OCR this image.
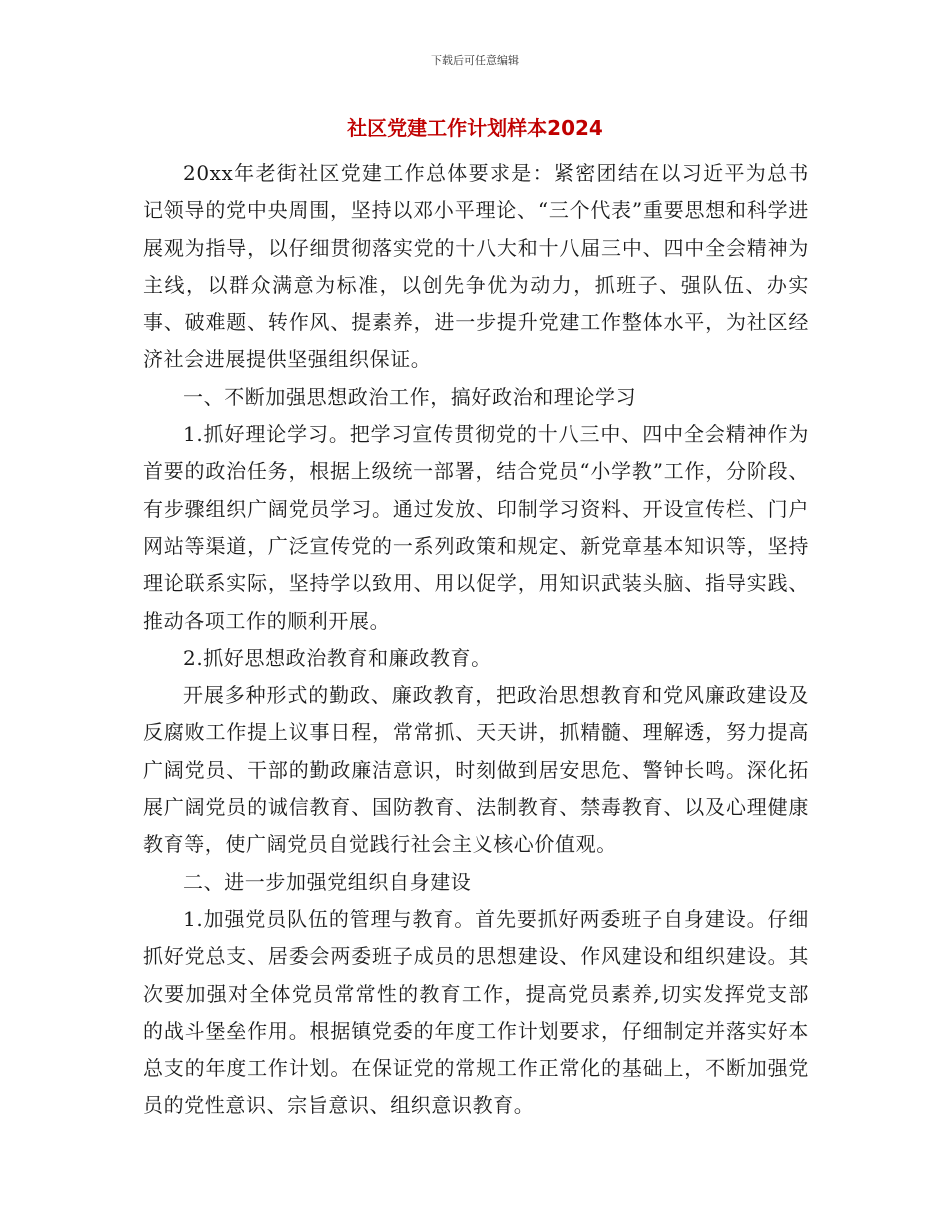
下载后可任意编辑
社区党建工作计划样本2024

20xx年老街社区党建工作总体要求是：紧密团结在以习近平为总书记领导的党中央周围，坚持以邓小平理论、“三个代表”重要思想和科学进展观为指导，以仔细贯彻落实党的十八大和十八届三中、四中全会精神为主线，以群众满意为标准，以创先争优为动力，抓班子、强队伍、办实事、破难题、转作风、提素养，进一步提升党建工作整体水平，为社区经济社会进展提供坚强组织保证。

一、不断加强思想政治工作，搞好政治和理论学习

1.抓好理论学习。把学习宣传贯彻党的十八三中、四中全会精神作为首要的政治任务，根据上级统一部署，结合党员“小学教”工作，分阶段、有步骤组织广阔党员学习。通过发放、印制学习资料、开设宣传栏、门户网站等渠道，广泛宣传党的一系列政策和规定、新党章基本知识等，坚持理论联系实际，坚持学以致用、用以促学，用知识武装头脑、指导实践、推动各项工作的顺利开展。

2.抓好思想政治教育和廉政教育。

开展多种形式的勤政、廉政教育，把政治思想教育和党风廉政建设及反腐败工作提上议事日程，常常抓、天天讲，抓精髓、理解透，努力提高广阔党员、干部的勤政廉洁意识，时刻做到居安思危、警钟长鸣。深化拓展广阔党员的诚信教育、国防教育、法制教育、禁毒教育、以及心理健康教育等，使广阔党员自觉践行社会主义核心价值观。

二、进一步加强党组织自身建设

1.加强党员队伍的管理与教育。首先要抓好两委班子自身建设。仔细抓好党总支、居委会两委班子成员的思想建设、作风建设和组织建设。其次要加强对全体党员常常性的教育工作，提高党员素养,切实发挥党支部的战斗堡垒作用。根据镇党委的年度工作计划要求，仔细制定并落实好本总支的年度工作计划。在保证党的常规工作正常化的基础上，不断加强党员的党性意识、宗旨意识、组织意识教育。
